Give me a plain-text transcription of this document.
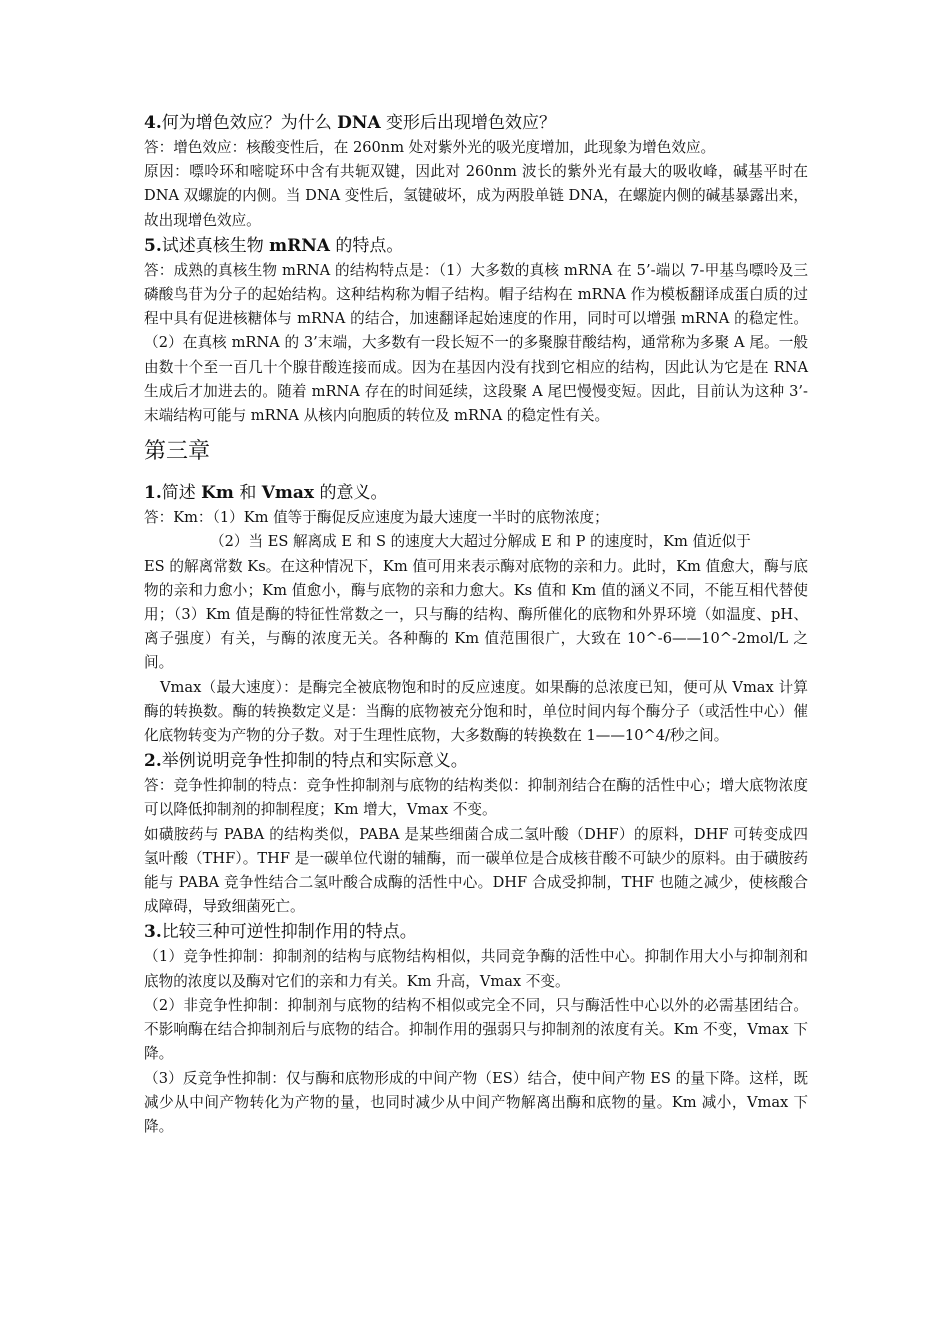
4.何为增色效应？为什么 DNA 变形后出现增色效应？

答：增色效应：核酸变性后，在 260nm 处对紫外光的吸光度增加，此现象为增色效应。

原因：嘌呤环和嘧啶环中含有共轭双键，因此对 260nm 波长的紫外光有最大的吸收峰，碱基平时在 DNA 双螺旋的内侧。当 DNA 变性后，氢键破坏，成为两股单链 DNA，在螺旋内侧的碱基暴露出来，故出现增色效应。

5.试述真核生物 mRNA 的特点。

答：成熟的真核生物 mRNA 的结构特点是：（1）大多数的真核 mRNA 在 5’-端以 7-甲基鸟嘌呤及三磷酸鸟苷为分子的起始结构。这种结构称为帽子结构。帽子结构在 mRNA 作为模板翻译成蛋白质的过程中具有促进核糖体与 mRNA 的结合，加速翻译起始速度的作用，同时可以增强 mRNA 的稳定性。（2）在真核 mRNA 的 3’末端，大多数有一段长短不一的多聚腺苷酸结构，通常称为多聚 A 尾。一般由数十个至一百几十个腺苷酸连接而成。因为在基因内没有找到它相应的结构，因此认为它是在 RNA 生成后才加进去的。随着 mRNA 存在的时间延续，这段聚 A 尾巴慢慢变短。因此，目前认为这种 3’-末端结构可能与 mRNA 从核内向胞质的转位及 mRNA 的稳定性有关。

第三章

1.简述 Km 和 Vmax 的意义。

答：Km：（1）Km 值等于酶促反应速度为最大速度一半时的底物浓度；

（2）当 ES 解离成 E 和 S 的速度大大超过分解成 E 和 P 的速度时，Km 值近似于

ES 的解离常数 Ks。在这种情况下，Km 值可用来表示酶对底物的亲和力。此时，Km 值愈大，酶与底物的亲和力愈小；Km 值愈小，酶与底物的亲和力愈大。Ks 值和 Km 值的涵义不同，不能互相代替使用；（3）Km 值是酶的特征性常数之一，只与酶的结构、酶所催化的底物和外界环境（如温度、pH、离子强度）有关，与酶的浓度无关。各种酶的 Km 值范围很广，大致在 10^-6——10^-2mol/L 之间。

Vmax（最大速度）：是酶完全被底物饱和时的反应速度。如果酶的总浓度已知，便可从 Vmax 计算酶的转换数。酶的转换数定义是：当酶的底物被充分饱和时，单位时间内每个酶分子（或活性中心）催化底物转变为产物的分子数。对于生理性底物，大多数酶的转换数在 1——10^4/秒之间。

2.举例说明竞争性抑制的特点和实际意义。

答：竞争性抑制的特点：竞争性抑制剂与底物的结构类似：抑制剂结合在酶的活性中心；增大底物浓度可以降低抑制剂的抑制程度；Km 增大，Vmax 不变。

如磺胺药与 PABA 的结构类似，PABA 是某些细菌合成二氢叶酸（DHF）的原料，DHF 可转变成四氢叶酸（THF）。THF 是一碳单位代谢的辅酶，而一碳单位是合成核苷酸不可缺少的原料。由于磺胺药能与 PABA 竞争性结合二氢叶酸合成酶的活性中心。DHF 合成受抑制，THF 也随之减少，使核酸合成障碍，导致细菌死亡。

3.比较三种可逆性抑制作用的特点。

（1）竞争性抑制：抑制剂的结构与底物结构相似，共同竞争酶的活性中心。抑制作用大小与抑制剂和底物的浓度以及酶对它们的亲和力有关。Km 升高，Vmax 不变。

（2）非竞争性抑制：抑制剂与底物的结构不相似或完全不同，只与酶活性中心以外的必需基团结合。不影响酶在结合抑制剂后与底物的结合。抑制作用的强弱只与抑制剂的浓度有关。Km 不变，Vmax 下降。

（3）反竞争性抑制：仅与酶和底物形成的中间产物（ES）结合，使中间产物 ES 的量下降。这样，既减少从中间产物转化为产物的量，也同时减少从中间产物解离出酶和底物的量。Km 减小，Vmax 下降。
